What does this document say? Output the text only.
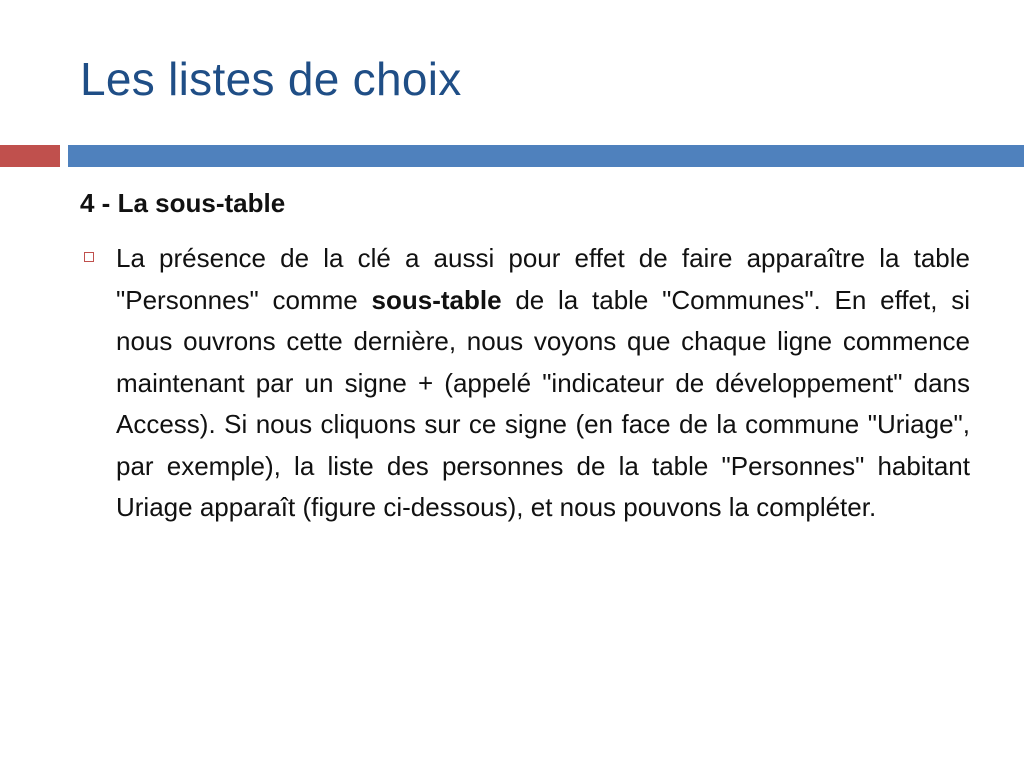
Les listes de choix
4 - La sous-table

La présence de la clé a aussi pour effet de faire apparaître la table "Personnes" comme sous-table de la table "Communes". En effet, si nous ouvrons cette dernière, nous voyons que chaque ligne commence maintenant par un signe + (appelé "indicateur de développement" dans Access). Si nous cliquons sur ce signe (en face de la commune "Uriage", par exemple), la liste des personnes de la table "Personnes" habitant Uriage apparaît (figure ci-dessous), et nous pouvons la compléter.
